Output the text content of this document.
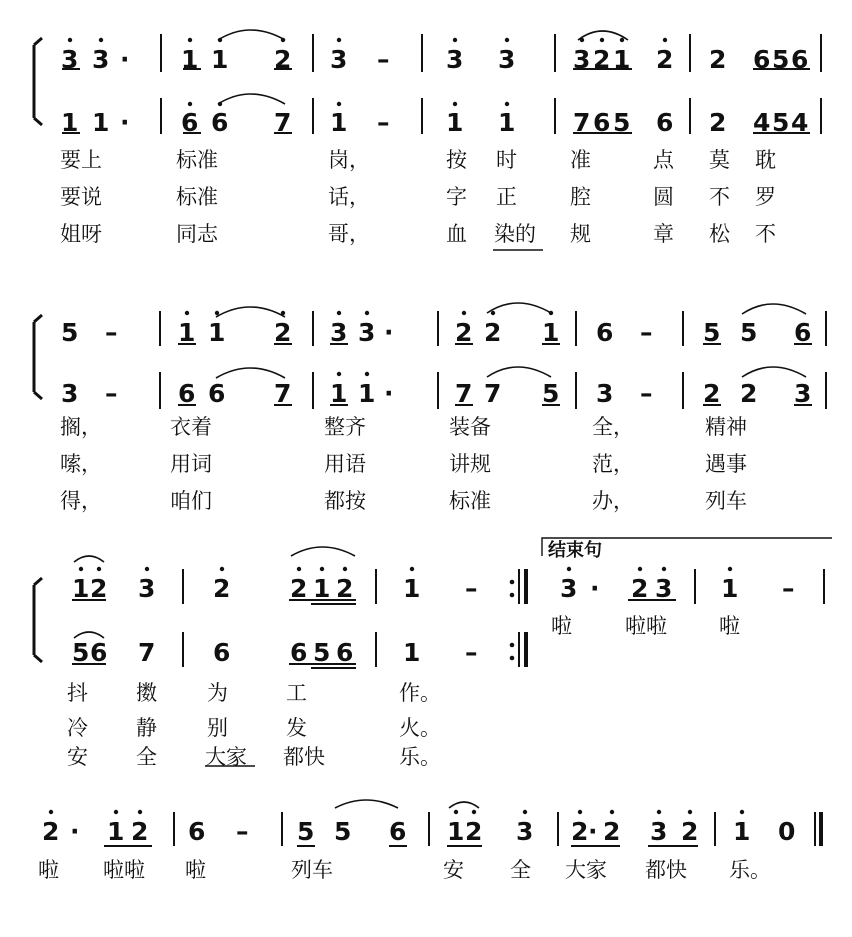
3 3 · 1 1 2 3 – 3 3 3 2 1 2 2 6 5 6
1 1 · 6 6 7 1 – 1 1 7 6 5 6 2 4 5 4
要上	标准	岗，	按 时	准	点 莫 耽
要说	标准	话，	字 正	腔	圆 不 罗
姐呀	同志	哥，	血 染的 规	章 松 不
5 – 1 1 2 3 3 · 2 2 1 6 – 5 5 6
3 – 6 6 7 1 1 · 7 7 5 3 – 2 2 3
搁，	衣着	整齐	装备	全，	精神
嗦，	用词	用语	讲规	范，	遇事
得，	咱们	都按	标准	办，	列车
1 2 3 2 2 1 2 1 –
5 6 7 6 6 5 6 1 –
结束句
3 · 2 3 1 –
啦	啦啦 啦
抖 擞 为	工	作。
冷 静 别	发	火。
安 全 大家 都快	乐。
2 · 1 2 6 – 5 5 6 1 2 3 2 · 2 3 2 1 0
啦 啦啦 啦	列车	安 全 大家 都快 乐。
